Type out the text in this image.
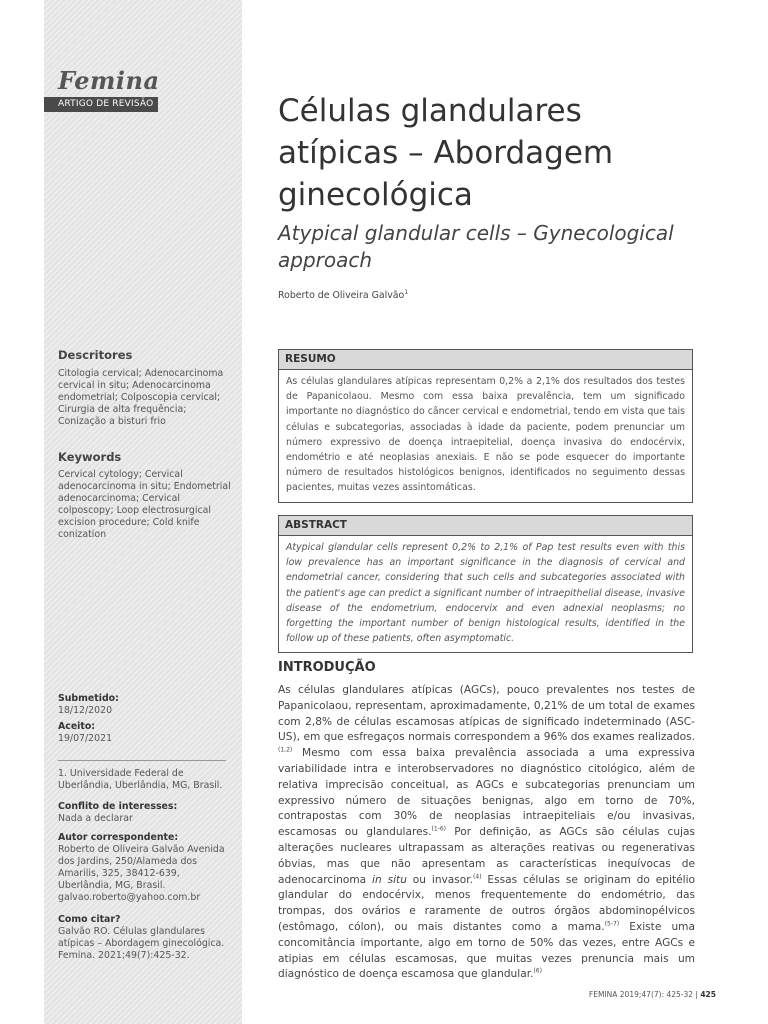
Femina
ARTIGO DE REVISÃO
Descritores
Citologia cervical; Adenocarcinoma cervical in situ; Adenocarcinoma endometrial; Colposcopia cervical; Cirurgia de alta frequência; Conização a bisturi frio
Keywords
Cervical cytology; Cervical adenocarcinoma in situ; Endometrial adenocarcinoma; Cervical colposcopy; Loop electrosurgical excision procedure; Cold knife conization
Submetido:
18/12/2020
Aceito:
19/07/2021
1. Universidade Federal de Uberlândia, Uberlândia, MG, Brasil.
Conflito de interesses:
Nada a declarar
Autor correspondente:
Roberto de Oliveira Galvão Avenida dos Jardins, 250/Alameda dos Amarilis, 325, 38412-639, Uberlândia, MG, Brasil. galvao.roberto@yahoo.com.br
Como citar?
Galvão RO. Células glandulares atípicas – Abordagem ginecológica. Femina. 2021;49(7):425-32.
Células glandulares atípicas – Abordagem ginecológica
Atypical glandular cells – Gynecological approach
Roberto de Oliveira Galvão$^1$
RESUMO
As células glandulares atípicas representam 0,2% a 2,1% dos resultados dos testes de Papanicolaou. Mesmo com essa baixa prevalência, tem um significado importante no diagnóstico do câncer cervical e endometrial, tendo em vista que tais células e subcategorias, associadas à idade da paciente, podem prenunciar um número expressivo de doença intraepitelial, doença invasiva do endocérvix, endométrio e até neoplasias anexiais. E não se pode esquecer do importante número de resultados histológicos benignos, identificados no seguimento dessas pacientes, muitas vezes assintomáticas.
ABSTRACT
Atypical glandular cells represent 0,2% to 2,1% of Pap test results even with this low prevalence has an important significance in the diagnosis of cervical and endometrial cancer, considering that such cells and subcategories associated with the patient's age can predict a significant number of intraepithelial disease, invasive disease of the endometrium, endocervix and even adnexial neoplasms; no forgetting the important number of benign histological results, identified in the follow up of these patients, often asymptomatic.
INTRODUÇÃO
As células glandulares atípicas (AGCs), pouco prevalentes nos testes de Papanicolaou, representam, aproximadamente, 0,21% de um total de exames com 2,8% de células escamosas atípicas de significado indeterminado (ASC-US), em que esfregaços normais correspondem a 96% dos exames realizados.$^{(1,2)}$ Mesmo com essa baixa prevalência associada a uma expressiva variabilidade intra e interobservadores no diagnóstico citológico, além de relativa imprecisão conceitual, as AGCs e subcategorias prenunciam um expressivo número de situações benignas, algo em torno de 70%, contrapostas com 30% de neoplasias intraepiteliais e/ou invasivas, escamosas ou glandulares.$^{(1-6)}$ Por definição, as AGCs são células cujas alterações nucleares ultrapassam as alterações reativas ou regenerativas óbvias, mas que não apresentam as características inequívocas de adenocarcinoma in situ ou invasor.$^{(4)}$ Essas células se originam do epitélio glandular do endocérvix, menos frequentemente do endométrio, das trompas, dos ovários e raramente de outros órgãos abdominopélvicos (estômago, cólon), ou mais distantes como a mama.$^{(5-7)}$ Existe uma concomitância importante, algo em torno de 50% das vezes, entre AGCs e atipias em células escamosas, que muitas vezes prenuncia mais um diagnóstico de doença escamosa que glandular.$^{(6)}$
FEMINA 2019;47(7): 425-32 | 425
